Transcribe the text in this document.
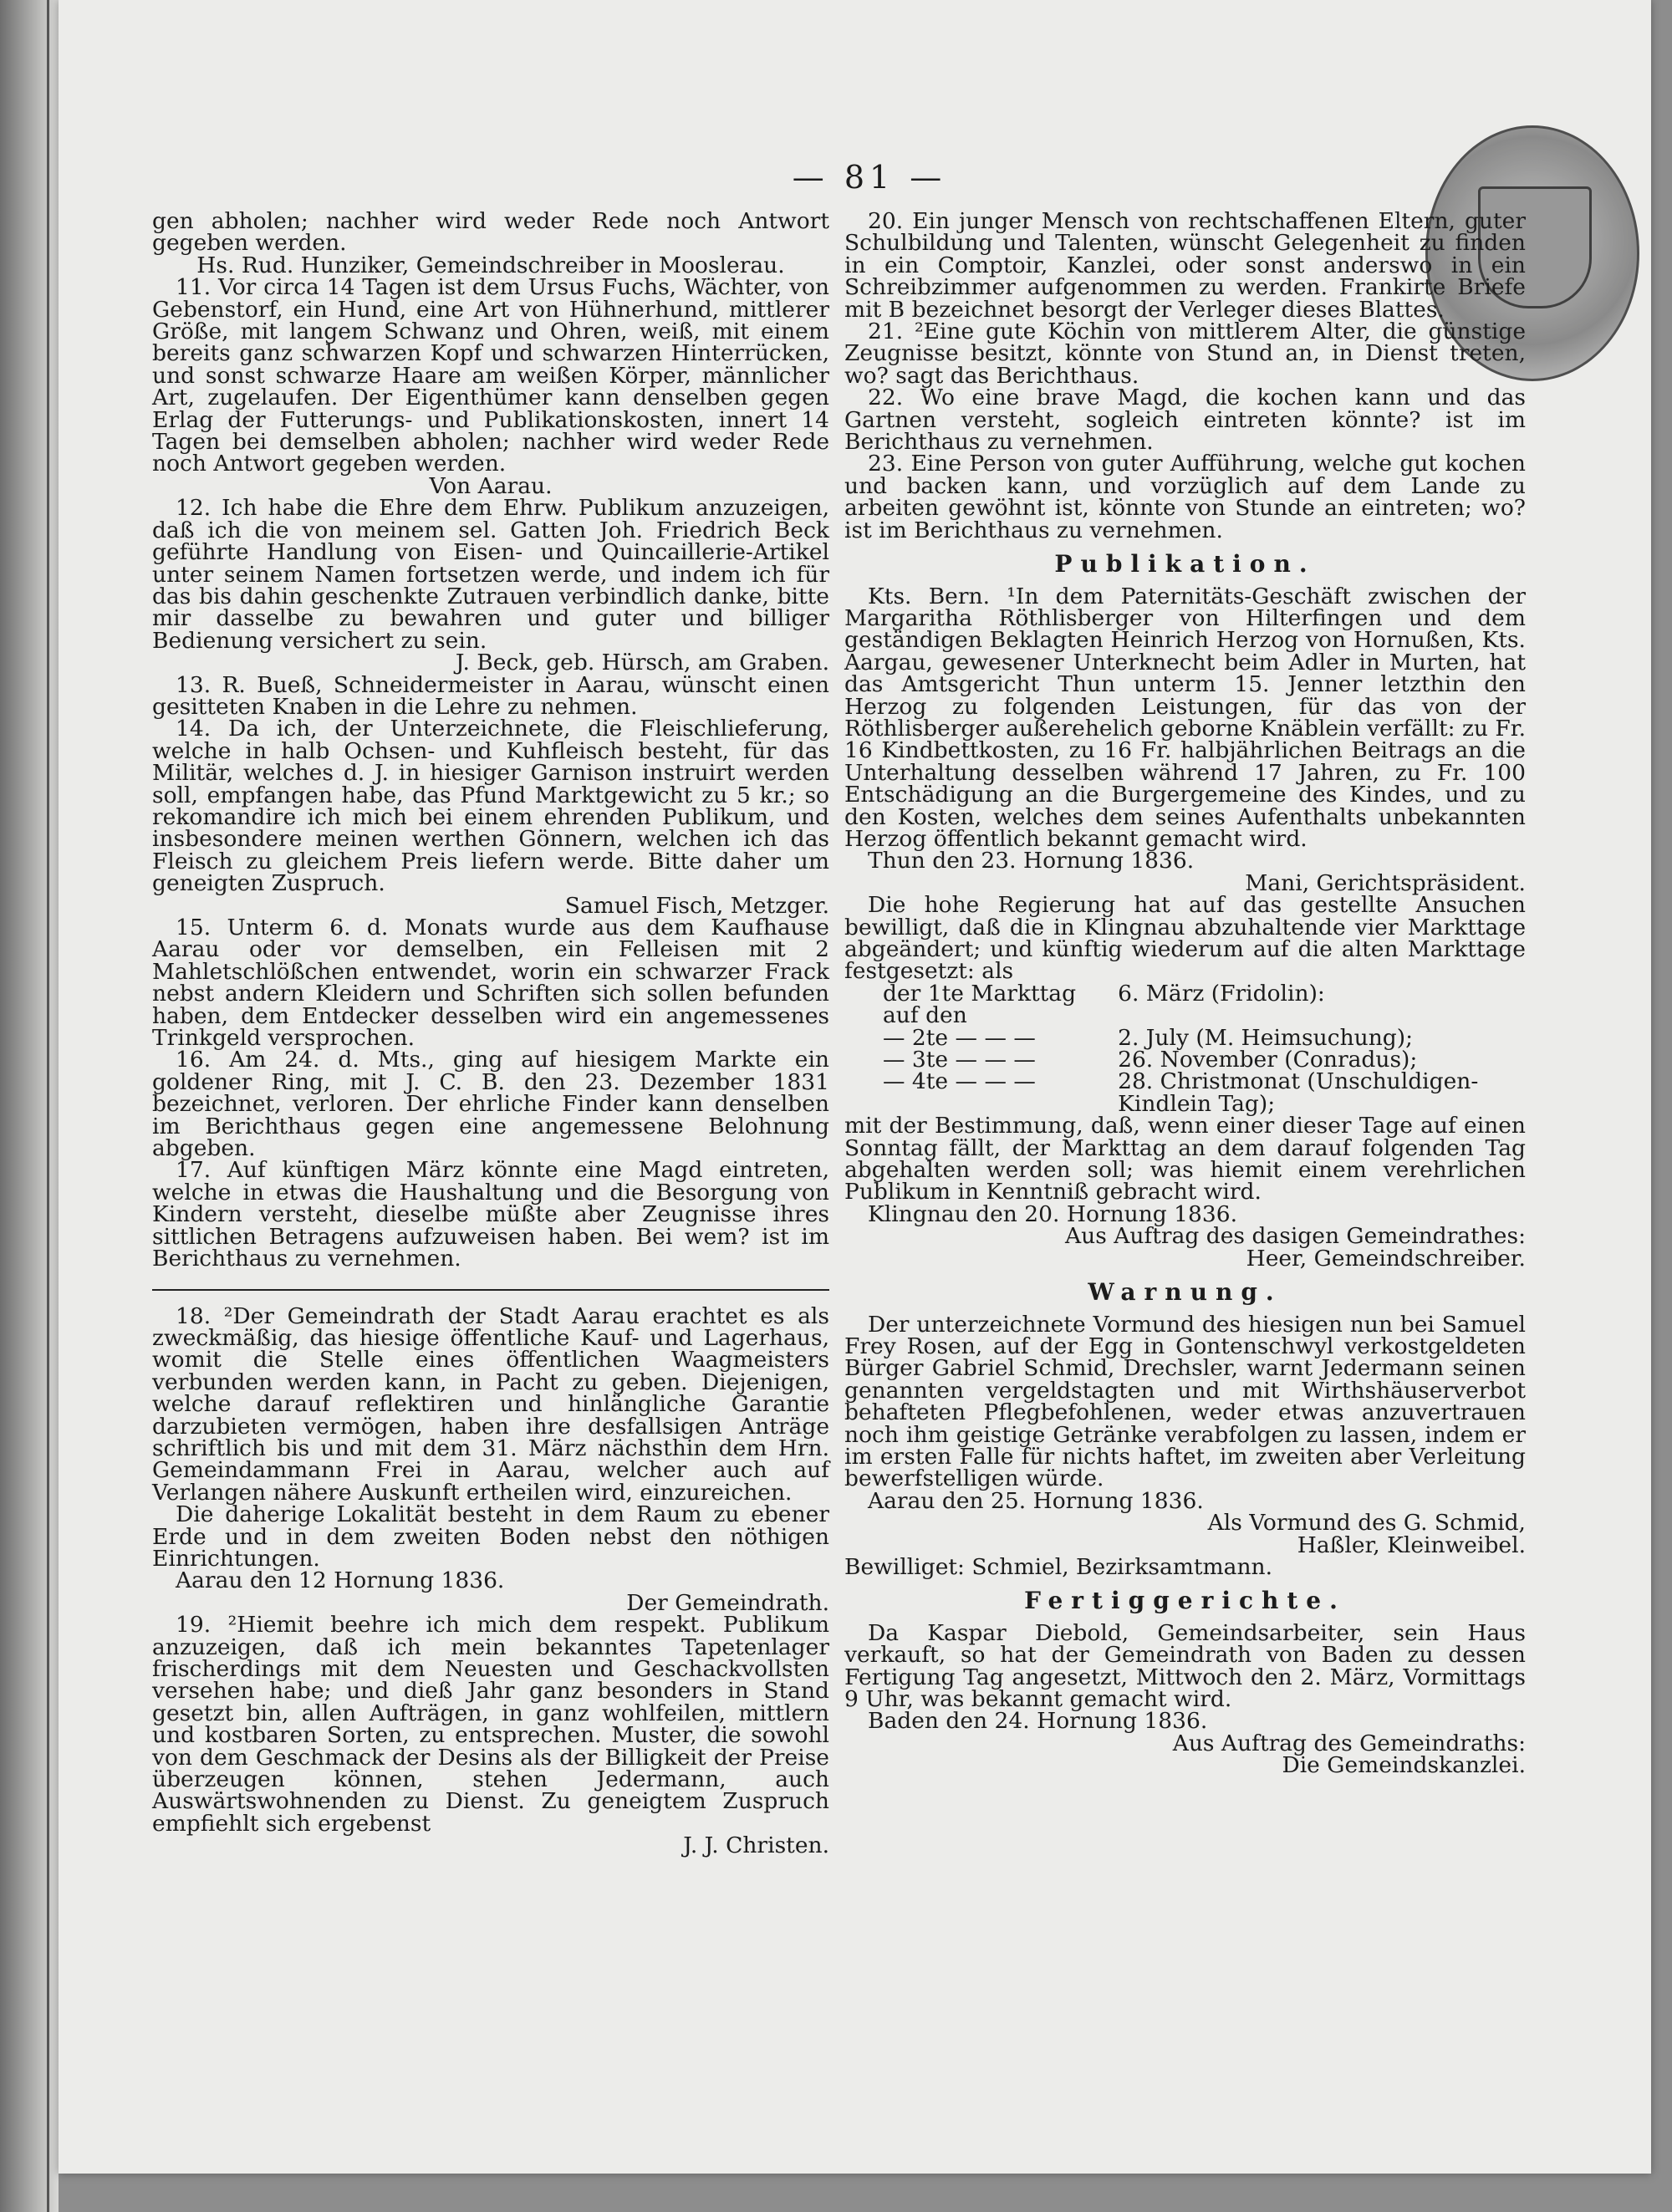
— 81 —

gen abholen; nachher wird weder Rede noch Antwort gegeben werden.

Hs. Rud. Hunziker, Gemeindschreiber in Mooslerau.

11. Vor circa 14 Tagen ist dem Ursus Fuchs, Wächter, von Gebenstorf, ein Hund, eine Art von Hühnerhund, mittlerer Größe, mit langem Schwanz und Ohren, weiß, mit einem bereits ganz schwarzen Kopf und schwarzen Hinterrücken, und sonst schwarze Haare am weißen Körper, männlicher Art, zugelaufen. Der Eigenthümer kann denselben gegen Erlag der Futterungs- und Publikationskosten, innert 14 Tagen bei demselben abholen; nachher wird weder Rede noch Antwort gegeben werden.

Von Aarau.

12. Ich habe die Ehre dem Ehrw. Publikum anzuzeigen, daß ich die von meinem sel. Gatten Joh. Friedrich Beck geführte Handlung von Eisen- und Quincaillerie-Artikel unter seinem Namen fortsetzen werde, und indem ich für das bis dahin geschenkte Zutrauen verbindlich danke, bitte mir dasselbe zu bewahren und guter und billiger Bedienung versichert zu sein.

J. Beck, geb. Hürsch, am Graben.

13. R. Bueß, Schneidermeister in Aarau, wünscht einen gesitteten Knaben in die Lehre zu nehmen.

14. Da ich, der Unterzeichnete, die Fleischlieferung, welche in halb Ochsen- und Kuhfleisch besteht, für das Militär, welches d. J. in hiesiger Garnison instruirt werden soll, empfangen habe, das Pfund Marktgewicht zu 5 kr.; so rekomandire ich mich bei einem ehrenden Publikum, und insbesondere meinen werthen Gönnern, welchen ich das Fleisch zu gleichem Preis liefern werde. Bitte daher um geneigten Zuspruch.

Samuel Fisch, Metzger.

15. Unterm 6. d. Monats wurde aus dem Kaufhause Aarau oder vor demselben, ein Felleisen mit 2 Mahletschlößchen entwendet, worin ein schwarzer Frack nebst andern Kleidern und Schriften sich sollen befunden haben, dem Entdecker desselben wird ein angemessenes Trinkgeld versprochen.

16. Am 24. d. Mts., ging auf hiesigem Markte ein goldener Ring, mit J. C. B. den 23. Dezember 1831 bezeichnet, verloren. Der ehrliche Finder kann denselben im Berichthaus gegen eine angemessene Belohnung abgeben.

17. Auf künftigen März könnte eine Magd eintreten, welche in etwas die Haushaltung und die Besorgung von Kindern versteht, dieselbe müßte aber Zeugnisse ihres sittlichen Betragens aufzuweisen haben. Bei wem? ist im Berichthaus zu vernehmen.

18. ²Der Gemeindrath der Stadt Aarau erachtet es als zweckmäßig, das hiesige öffentliche Kauf- und Lagerhaus, womit die Stelle eines öffentlichen Waagmeisters verbunden werden kann, in Pacht zu geben. Diejenigen, welche darauf reflektiren und hinlängliche Garantie darzubieten vermögen, haben ihre desfallsigen Anträge schriftlich bis und mit dem 31. März nächsthin dem Hrn. Gemeindammann Frei in Aarau, welcher auch auf Verlangen nähere Auskunft ertheilen wird, einzureichen.

Die daherige Lokalität besteht in dem Raum zu ebener Erde und in dem zweiten Boden nebst den nöthigen Einrichtungen.

Aarau den 12 Hornung 1836.

Der Gemeindrath.

19. ²Hiemit beehre ich mich dem respekt. Publikum anzuzeigen, daß ich mein bekanntes Tapetenlager frischerdings mit dem Neuesten und Geschackvollsten versehen habe; und dieß Jahr ganz besonders in Stand gesetzt bin, allen Aufträgen, in ganz wohlfeilen, mittlern und kostbaren Sorten, zu entsprechen. Muster, die sowohl von dem Geschmack der Desins als der Billigkeit der Preise überzeugen können, stehen Jedermann, auch Auswärtswohnenden zu Dienst. Zu geneigtem Zuspruch empfiehlt sich ergebenst

J. J. Christen.

20. Ein junger Mensch von rechtschaffenen Eltern, guter Schulbildung und Talenten, wünscht Gelegenheit zu finden in ein Comptoir, Kanzlei, oder sonst anderswo in ein Schreibzimmer aufgenommen zu werden. Frankirte Briefe mit B bezeichnet besorgt der Verleger dieses Blattes.

21. ²Eine gute Köchin von mittlerem Alter, die günstige Zeugnisse besitzt, könnte von Stund an, in Dienst treten, wo? sagt das Berichthaus.

22. Wo eine brave Magd, die kochen kann und das Gartnen versteht, sogleich eintreten könnte? ist im Berichthaus zu vernehmen.

23. Eine Person von guter Aufführung, welche gut kochen und backen kann, und vorzüglich auf dem Lande zu arbeiten gewöhnt ist, könnte von Stunde an eintreten; wo? ist im Berichthaus zu vernehmen.

Publikation.

Kts. Bern. ¹In dem Paternitäts-Geschäft zwischen der Margaritha Röthlisberger von Hilterfingen und dem geständigen Beklagten Heinrich Herzog von Hornußen, Kts. Aargau, gewesener Unterknecht beim Adler in Murten, hat das Amtsgericht Thun unterm 15. Jenner letzthin den Herzog zu folgenden Leistungen, für das von der Röthlisberger außerehelich geborne Knäblein verfällt: zu Fr. 16 Kindbettkosten, zu 16 Fr. halbjährlichen Beitrags an die Unterhaltung desselben während 17 Jahren, zu Fr. 100 Entschädigung an die Burgergemeine des Kindes, und zu den Kosten, welches dem seines Aufenthalts unbekannten Herzog öffentlich bekannt gemacht wird.

Thun den 23. Hornung 1836.

Mani, Gerichtspräsident.

Die hohe Regierung hat auf das gestellte Ansuchen bewilligt, daß die in Klingnau abzuhaltende vier Markttage abgeändert; und künftig wiederum auf die alten Markttage festgesetzt: als

der 1te Markttag auf den	6. März (Fridolin):
— 2te — — —	2. July (M. Heimsuchung);
— 3te — — —	26. November (Conradus);
— 4te — — —	28. Christmonat (Unschuldigen-Kindlein Tag);

mit der Bestimmung, daß, wenn einer dieser Tage auf einen Sonntag fällt, der Markttag an dem darauf folgenden Tag abgehalten werden soll; was hiemit einem verehrlichen Publikum in Kenntniß gebracht wird.

Klingnau den 20. Hornung 1836.

Aus Auftrag des dasigen Gemeindrathes:

Heer, Gemeindschreiber.

Warnung.

Der unterzeichnete Vormund des hiesigen nun bei Samuel Frey Rosen, auf der Egg in Gontenschwyl verkostgeldeten Bürger Gabriel Schmid, Drechsler, warnt Jedermann seinen genannten vergeldstagten und mit Wirthshäuserverbot behafteten Pflegbefohlenen, weder etwas anzuvertrauen noch ihm geistige Getränke verabfolgen zu lassen, indem er im ersten Falle für nichts haftet, im zweiten aber Verleitung bewerfstelligen würde.

Aarau den 25. Hornung 1836.

Als Vormund des G. Schmid,

Haßler, Kleinweibel.

Bewilliget: Schmiel, Bezirksamtmann.

Fertiggerichte.

Da Kaspar Diebold, Gemeindsarbeiter, sein Haus verkauft, so hat der Gemeindrath von Baden zu dessen Fertigung Tag angesetzt, Mittwoch den 2. März, Vormittags 9 Uhr, was bekannt gemacht wird.

Baden den 24. Hornung 1836.

Aus Auftrag des Gemeindraths:

Die Gemeindskanzlei.
